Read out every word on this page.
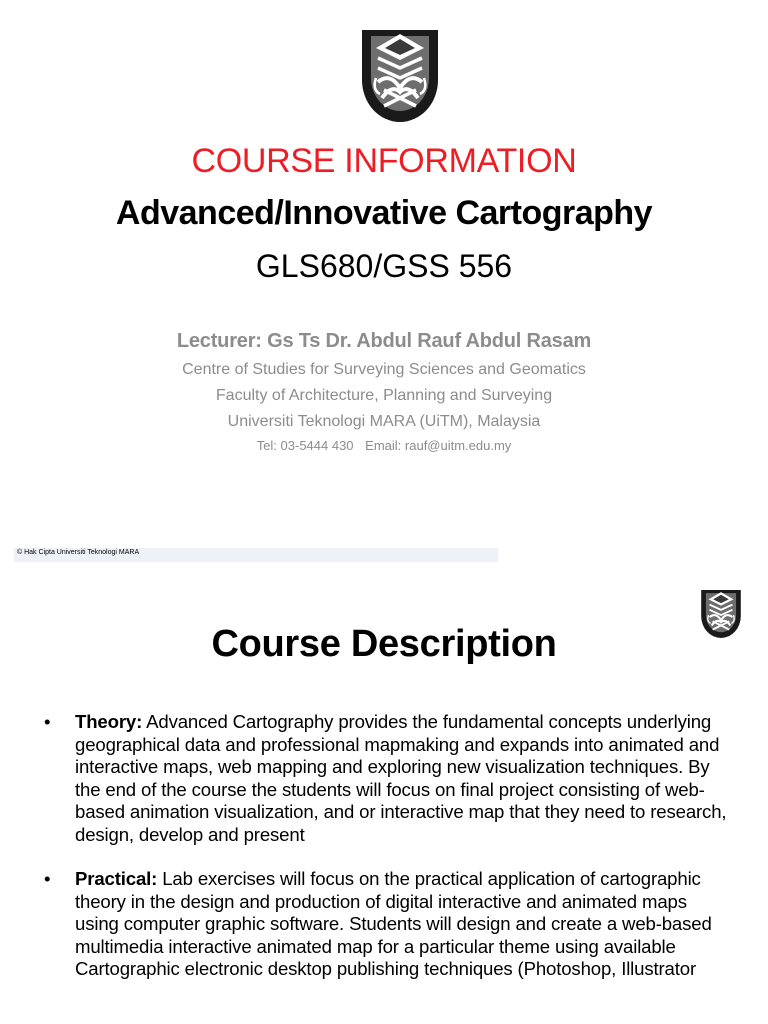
COURSE INFORMATION
Advanced/Innovative Cartography
GLS680/GSS 556
Lecturer: Gs Ts Dr. Abdul Rauf Abdul Rasam
Centre of Studies for Surveying Sciences and Geomatics
Faculty of Architecture, Planning and Surveying
Universiti Teknologi MARA (UiTM), Malaysia
Tel: 03-5444 430 Email: rauf@uitm.edu.my
© Hak Cipta Universiti Teknologi MARA
Course Description
• Theory: Advanced Cartography provides the fundamental concepts underlying geographical data and professional mapmaking and expands into animated and interactive maps, web mapping and exploring new visualization techniques. By the end of the course the students will focus on final project consisting of web-based animation visualization, and or interactive map that they need to research, design, develop and present
• Practical: Lab exercises will focus on the practical application of cartographic theory in the design and production of digital interactive and animated maps using computer graphic software. Students will design and create a web-based multimedia interactive animated map for a particular theme using available Cartographic electronic desktop publishing techniques (Photoshop, Illustrator
